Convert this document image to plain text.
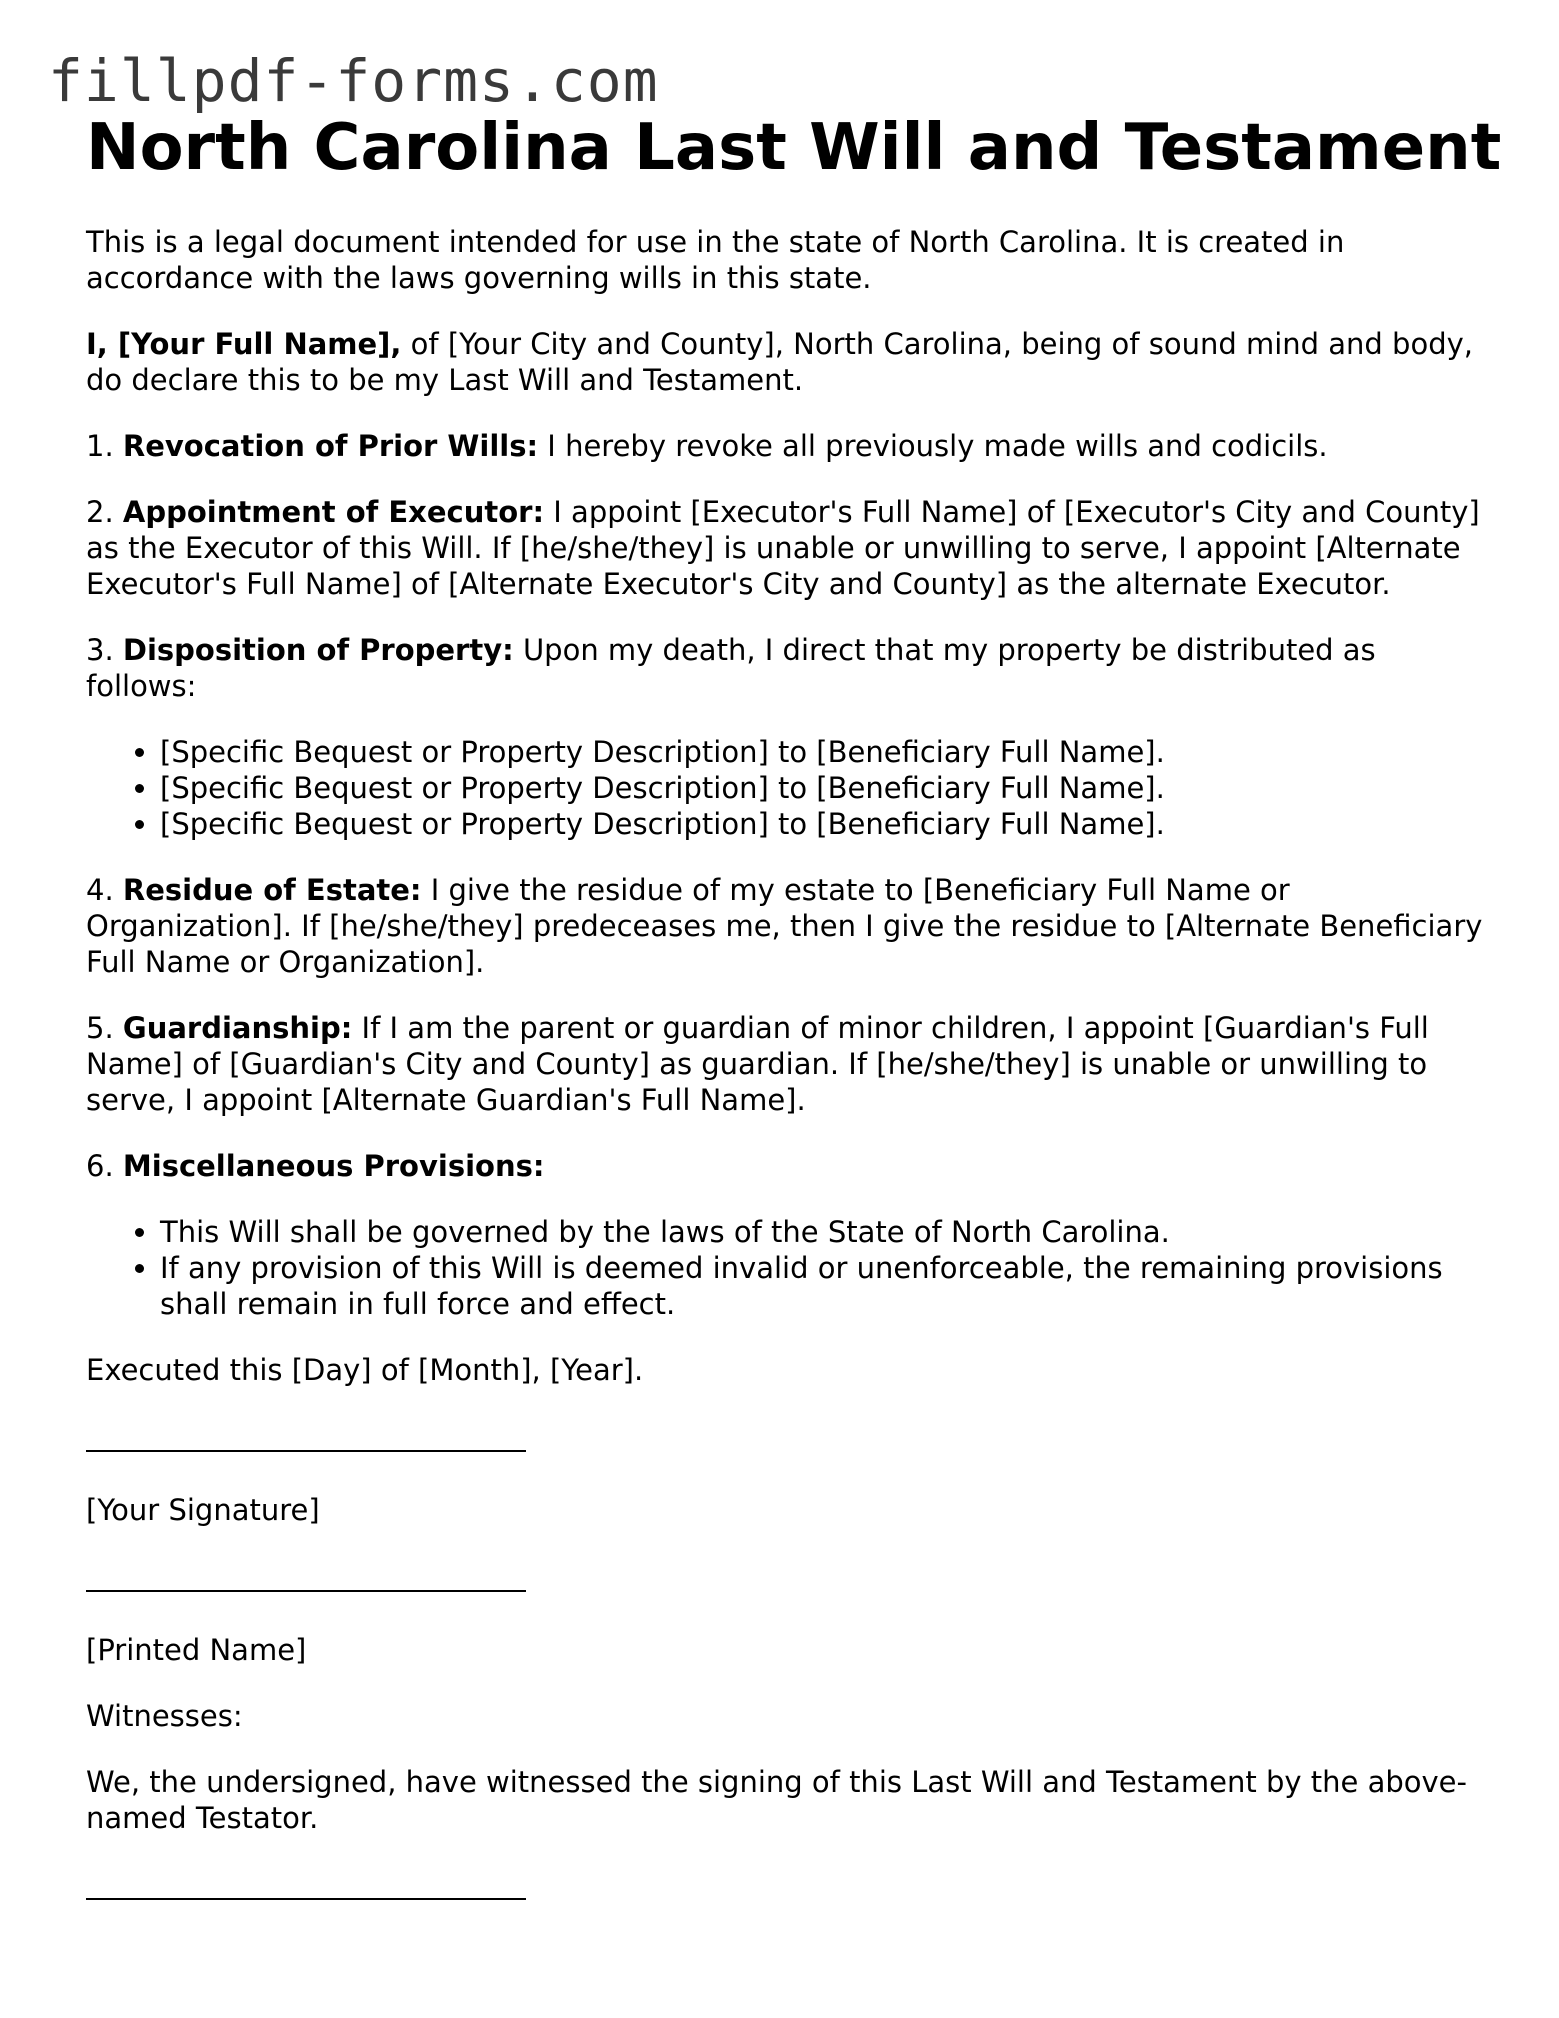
fillpdf-forms.com
North Carolina Last Will and Testament

This is a legal document intended for use in the state of North Carolina. It is created in accordance with the laws governing wills in this state.

I, [Your Full Name], of [Your City and County], North Carolina, being of sound mind and body, do declare this to be my Last Will and Testament.

1. Revocation of Prior Wills: I hereby revoke all previously made wills and codicils.

2. Appointment of Executor: I appoint [Executor's Full Name] of [Executor's City and County] as the Executor of this Will. If [he/she/they] is unable or unwilling to serve, I appoint [Alternate Executor's Full Name] of [Alternate Executor's City and County] as the alternate Executor.

3. Disposition of Property: Upon my death, I direct that my property be distributed as follows:

• [Specific Bequest or Property Description] to [Beneficiary Full Name].
• [Specific Bequest or Property Description] to [Beneficiary Full Name].
• [Specific Bequest or Property Description] to [Beneficiary Full Name].

4. Residue of Estate: I give the residue of my estate to [Beneficiary Full Name or Organization]. If [he/she/they] predeceases me, then I give the residue to [Alternate Beneficiary Full Name or Organization].

5. Guardianship: If I am the parent or guardian of minor children, I appoint [Guardian's Full Name] of [Guardian's City and County] as guardian. If [he/she/they] is unable or unwilling to serve, I appoint [Alternate Guardian's Full Name].

6. Miscellaneous Provisions:

• This Will shall be governed by the laws of the State of North Carolina.
• If any provision of this Will is deemed invalid or unenforceable, the remaining provisions shall remain in full force and effect.

Executed this [Day] of [Month], [Year].

[Your Signature]

[Printed Name]

Witnesses:

We, the undersigned, have witnessed the signing of this Last Will and Testament by the above-named Testator.
